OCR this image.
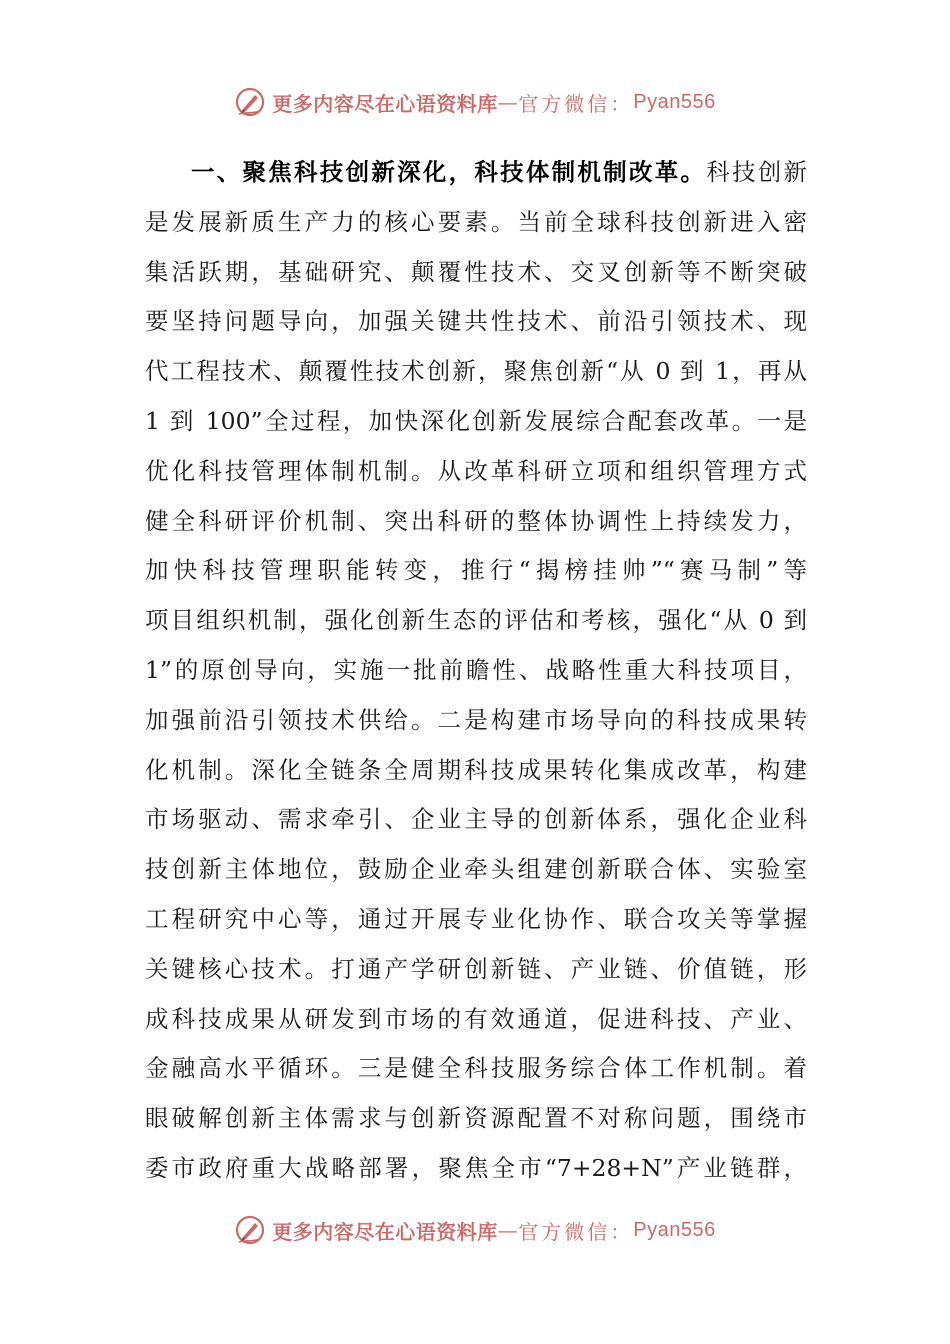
更多内容尽在心语资料库 — 官方微信： Pyan556
一、聚焦科技创新深化，科技体制机制改革。科技创新
是发展新质生产力的核心要素。当前全球科技创新进入密
集活跃期，基础研究、颠覆性技术、交叉创新等不断突破
要坚持问题导向，加强关键共性技术、前沿引领技术、现
代工程技术、颠覆性技术创新，聚焦创新“从 0 到 1，再从
1 到 100”全过程，加快深化创新发展综合配套改革。一是
优化科技管理体制机制。从改革科研立项和组织管理方式
健全科研评价机制、突出科研的整体协调性上持续发力，
加快科技管理职能转变，推行“揭榜挂帅”“赛马制”等
项目组织机制，强化创新生态的评估和考核，强化“从 0 到
1”的原创导向，实施一批前瞻性、战略性重大科技项目，
加强前沿引领技术供给。二是构建市场导向的科技成果转
化机制。深化全链条全周期科技成果转化集成改革，构建
市场驱动、需求牵引、企业主导的创新体系，强化企业科
技创新主体地位，鼓励企业牵头组建创新联合体、实验室
工程研究中心等，通过开展专业化协作、联合攻关等掌握
关键核心技术。打通产学研创新链、产业链、价值链，形
成科技成果从研发到市场的有效通道，促进科技、产业、
金融高水平循环。三是健全科技服务综合体工作机制。着
眼破解创新主体需求与创新资源配置不对称问题，围绕市
委市政府重大战略部署，聚焦全市“7+28+N”产业链群，
更多内容尽在心语资料库 — 官方微信： Pyan556
